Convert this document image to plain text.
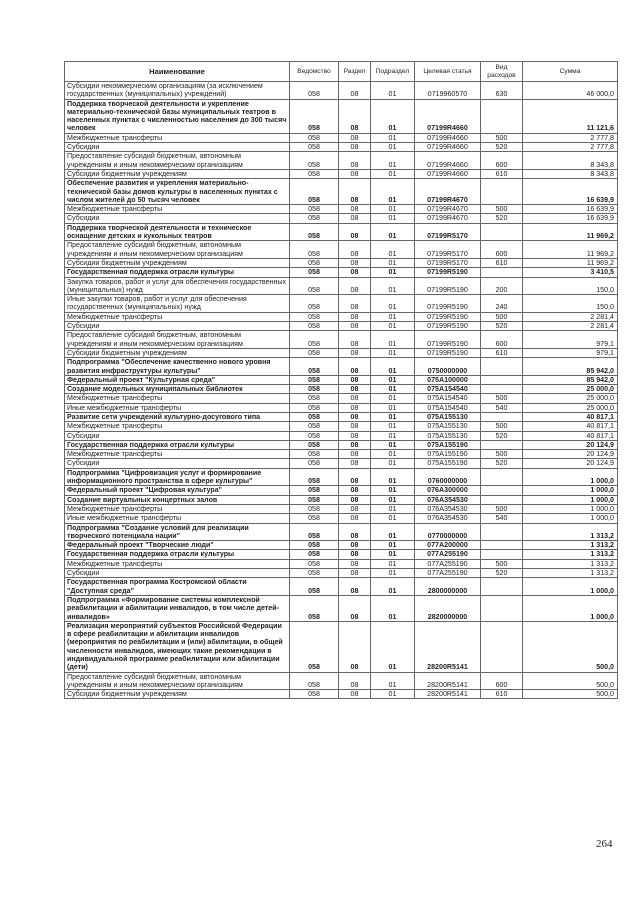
Наименование	Ведомство	Раздел	Подраздел	Целевая статья	Вид расходов	Сумма
Субсидии некоммерческим организациям (за исключением государственных (муниципальных) учреждений)	058	08	01	0719960570	630	46 000,0
Поддержка творческой деятельности и укрепление материально-технической базы муниципальных театров в населенных пунктах с численностью населения до 300 тысяч человек	058	08	01	07199R4660		11 121,6
Межбюджетные трансферты	058	08	01	07199R4660	500	2 777,8
Субсидии	058	08	01	07199R4660	520	2 777,8
Предоставление субсидий бюджетным, автономным учреждениям и иным некоммерческим организациям	058	08	01	07199R4660	600	8 343,8
Субсидии бюджетным учреждениям	058	08	01	07199R4660	610	8 343,8
Обеспечение развития и укрепления материально-технической базы домов культуры в населенных пунктах с числом жителей до 50 тысяч человек	058	08	01	07199R4670		16 639,9
Межбюджетные трансферты	058	08	01	07199R4670	500	16 639,9
Субсидии	058	08	01	07199R4670	520	16 639,9
Поддержка творческой деятельности и техническое оснащение детских и кукольных театров	058	08	01	07199R5170		11 969,2
Предоставление субсидий бюджетным, автономным учреждениям и иным некоммерческим организациям	058	08	01	07199R5170	600	11 969,2
Субсидии бюджетным учреждениям	058	08	01	07199R5170	610	11 969,2
Государственная поддержка отрасли культуры	058	08	01	07199R5190		3 410,5
Закупка товаров, работ и услуг для обеспечения государственных (муниципальных) нужд	058	08	01	07199R5190	200	150,0
Иные закупки товаров, работ и услуг для обеспечения государственных (муниципальных) нужд	058	08	01	07199R5190	240	150,0
Межбюджетные трансферты	058	08	01	07199R5190	500	2 281,4
Субсидии	058	08	01	07199R5190	520	2 281,4
Предоставление субсидий бюджетным, автономным учреждениям и иным некоммерческим организациям	058	08	01	07199R5190	600	979,1
Субсидии бюджетным учреждениям	058	08	01	07199R5190	610	979,1
Подпрограмма "Обеспечение качественно нового уровня развития инфраструктуры культуры"	058	08	01	0750000000		85 942,0
Федеральный проект "Культурная среда"	058	08	01	075A100000		85 942,0
Создание модельных муниципальных библиотек	058	08	01	075A154540		25 000,0
Межбюджетные трансферты	058	08	01	075A154540	500	25 000,0
Иные межбюджетные трансферты	058	08	01	075A154540	540	25 000,0
Развитие сети учреждений культурно-досугового типа	058	08	01	075A155130		40 817,1
Межбюджетные трансферты	058	08	01	075A155130	500	40 817,1
Субсидии	058	08	01	075A155130	520	40 817,1
Государственная поддержка отрасли культуры	058	08	01	075A155190		20 124,9
Межбюджетные трансферты	058	08	01	075A155190	500	20 124,9
Субсидии	058	08	01	075A155190	520	20 124,9
Подпрограмма "Цифровизация услуг и формирование информационного пространства в сфере культуры"	058	08	01	0760000000		1 000,0
Федеральный проект "Цифровая культура"	058	08	01	076A300000		1 000,0
Создание виртуальных концертных залов	058	08	01	076A354530		1 000,0
Межбюджетные трансферты	058	08	01	076A354530	500	1 000,0
Иные межбюджетные трансферты	058	08	01	076A354530	540	1 000,0
Подпрограмма "Создание условий для реализации творческого потенциала нации"	058	08	01	0770000000		1 313,2
Федеральный проект "Творческие люди"	058	08	01	077A200000		1 313,2
Государственная поддержка отрасли культуры	058	08	01	077A255190		1 313,2
Межбюджетные трансферты	058	08	01	077A255190	500	1 313,2
Субсидии	058	08	01	077A255190	520	1 313,2
Государственная программа Костромской области "Доступная среда"	058	08	01	2800000000		1 000,0
Подпрограмма «Формирование системы комплексной реабилитации и абилитации инвалидов, в том числе детей-инвалидов»	058	08	01	2820000000		1 000,0
Реализация мероприятий субъектов Российской Федерации в сфере реабилитации и абилитации инвалидов (мероприятия по реабилитации и (или) абилитации, в общей численности инвалидов, имеющих такие рекомендации в индивидуальной программе реабилитации или абилитации (дети)	058	08	01	28200R5141		500,0
Предоставление субсидий бюджетным, автономным учреждениям и иным некоммерческим организациям	058	08	01	28200R5141	600	500,0
Субсидии бюджетным учреждениям	058	08	01	28200R5141	610	500,0
264
